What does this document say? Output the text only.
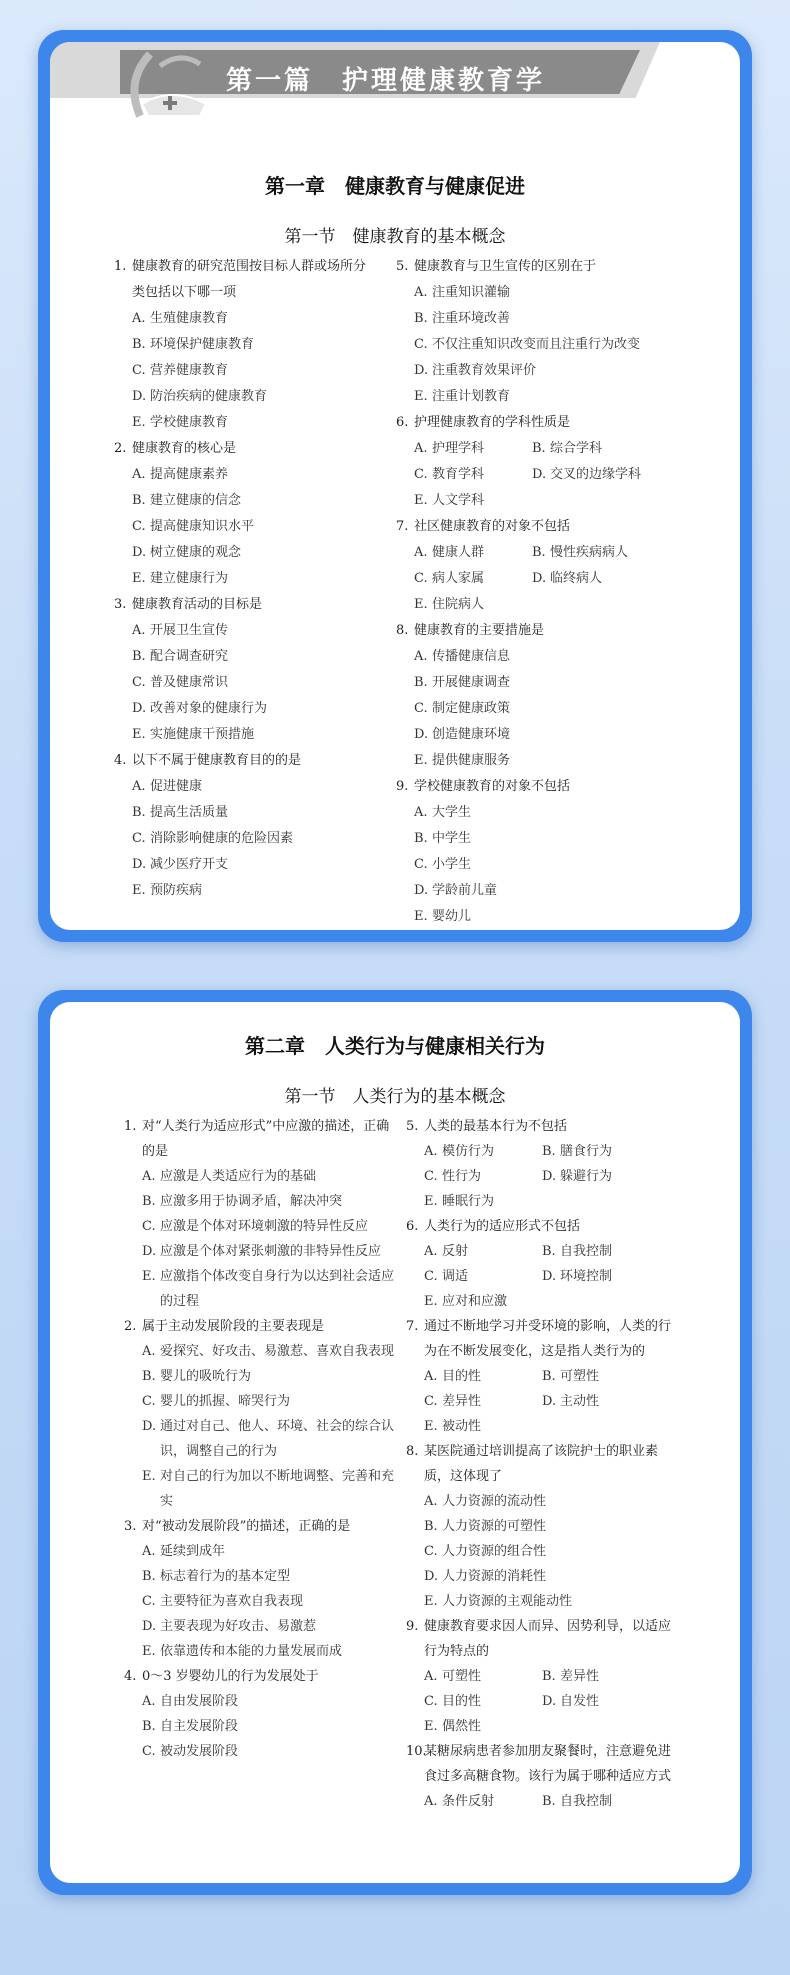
第一篇　护理健康教育学
第一章　健康教育与健康促进
第一节　健康教育的基本概念

1. 健康教育的研究范围按目标人群或场所分类包括以下哪一项

A. 生殖健康教育

B. 环境保护健康教育

C. 营养健康教育

D. 防治疾病的健康教育

E. 学校健康教育

2. 健康教育的核心是

A. 提高健康素养

B. 建立健康的信念

C. 提高健康知识水平

D. 树立健康的观念

E. 建立健康行为

3. 健康教育活动的目标是

A. 开展卫生宣传

B. 配合调查研究

C. 普及健康常识

D. 改善对象的健康行为

E. 实施健康干预措施

4. 以下不属于健康教育目的的是

A. 促进健康

B. 提高生活质量

C. 消除影响健康的危险因素

D. 减少医疗开支

E. 预防疾病

5. 健康教育与卫生宣传的区别在于

A. 注重知识灌输

B. 注重环境改善

C. 不仅注重知识改变而且注重行为改变

D. 注重教育效果评价

E. 注重计划教育

6. 护理健康教育的学科性质是

A. 护理学科	B. 综合学科
C. 教育学科	D. 交叉的边缘学科

E. 人文学科

7. 社区健康教育的对象不包括

A. 健康人群	B. 慢性疾病病人
C. 病人家属	D. 临终病人

E. 住院病人

8. 健康教育的主要措施是

A. 传播健康信息

B. 开展健康调查

C. 制定健康政策

D. 创造健康环境

E. 提供健康服务

9. 学校健康教育的对象不包括

A. 大学生

B. 中学生

C. 小学生

D. 学龄前儿童

E. 婴幼儿

第二章　人类行为与健康相关行为
第一节　人类行为的基本概念

1. 对“人类行为适应形式”中应激的描述，正确的是

A. 应激是人类适应行为的基础

B. 应激多用于协调矛盾，解决冲突

C. 应激是个体对环境刺激的特异性反应

D. 应激是个体对紧张刺激的非特异性反应

E. 应激指个体改变自身行为以达到社会适应的过程

2. 属于主动发展阶段的主要表现是

A. 爱探究、好攻击、易激惹、喜欢自我表现

B. 婴儿的吸吮行为

C. 婴儿的抓握、啼哭行为

D. 通过对自己、他人、环境、社会的综合认识，调整自己的行为

E. 对自己的行为加以不断地调整、完善和充实

3. 对“被动发展阶段”的描述，正确的是

A. 延续到成年

B. 标志着行为的基本定型

C. 主要特征为喜欢自我表现

D. 主要表现为好攻击、易激惹

E. 依靠遗传和本能的力量发展而成

4. 0～3 岁婴幼儿的行为发展处于

A. 自由发展阶段

B. 自主发展阶段

C. 被动发展阶段

5. 人类的最基本行为不包括

A. 模仿行为	B. 膳食行为
C. 性行为	D. 躲避行为

E. 睡眠行为

6. 人类行为的适应形式不包括

A. 反射	B. 自我控制
C. 调适	D. 环境控制

E. 应对和应激

7. 通过不断地学习并受环境的影响，人类的行为在不断发展变化，这是指人类行为的

A. 目的性	B. 可塑性
C. 差异性	D. 主动性

E. 被动性

8. 某医院通过培训提高了该院护士的职业素质，这体现了

A. 人力资源的流动性

B. 人力资源的可塑性

C. 人力资源的组合性

D. 人力资源的消耗性

E. 人力资源的主观能动性

9. 健康教育要求因人而异、因势利导，以适应行为特点的

A. 可塑性	B. 差异性
C. 目的性	D. 自发性

E. 偶然性

10.某糖尿病患者参加朋友聚餐时，注意避免进食过多高糖食物。该行为属于哪种适应方式

A. 条件反射	B. 自我控制
